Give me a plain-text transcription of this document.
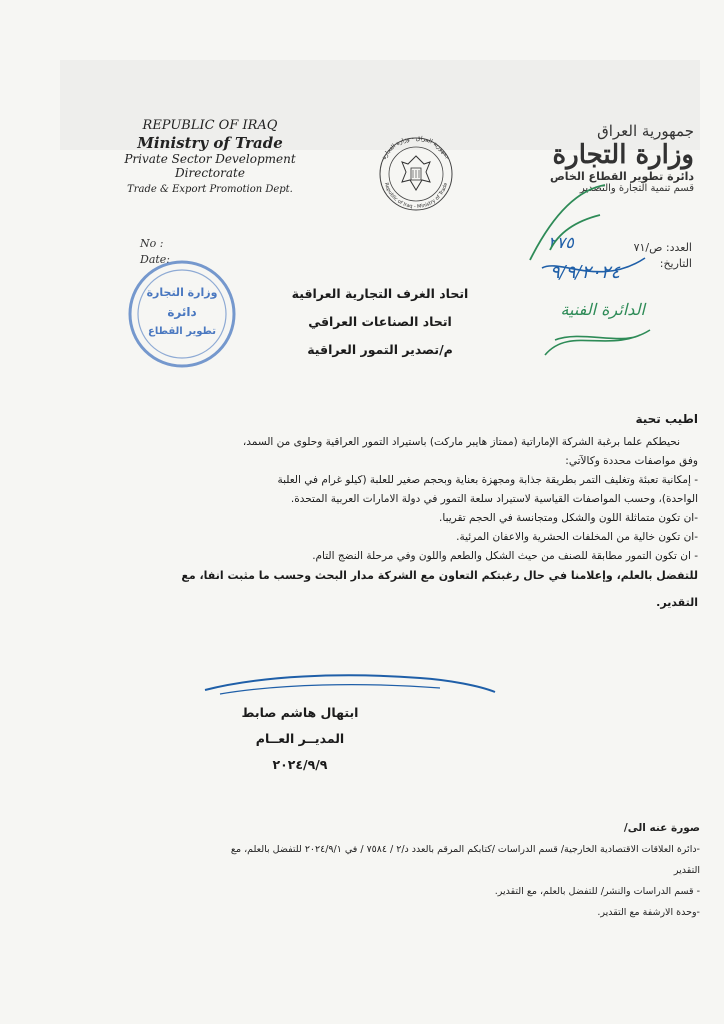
REPUBLIC OF IRAQ
Ministry of Trade
Private Sector Development
Directorate
Trade & Export Promotion Dept.
No :
Date:
جمهورية العراق - وزارة التجارة
Republic of Iraq - Ministry of Trade
جمهورية العراق
وزارة التجارة
دائرة تطوير القطاع الخاص
قسم تنمية التجارة والتصدير
العدد: ص/٧١
التاريخ:
وزارة التجارة
دائرة
تطوير القطاع
٢٧٥
٩/٩/٢٠٢٤
الدائرة الفنية
اتحاد الغرف التجارية العراقية
اتحاد الصناعات العراقي
م/تصدير التمور العراقية

اطيب تحية

نحيطكم علما برغبة الشركة الإماراتية (ممتاز هايبر ماركت) باستيراد التمور العراقية وحلوى من السمد،

وفق مواصفات محددة وكالآتي:

- إمكانية تعبئة وتغليف التمر بطريقة جذابة ومجهزة بعناية وبحجم صغير للعلبة (كيلو غرام في العلبة

الواحدة)، وحسب المواصفات القياسية لاستيراد سلعة التمور في دولة الامارات العربية المتحدة.

-ان تكون متماثلة اللون والشكل ومتجانسة في الحجم تقريبا.

-ان تكون خالية من المخلفات الحشرية والاعفان المرئية.

- ان تكون التمور مطابقة للصنف من حيث الشكل والطعم واللون وفي مرحلة النضج التام.

للتفضل بالعلم، وإعلامنا في حال رغبتكم التعاون مع الشركة مدار البحث وحسب ما مثبت انفا، مع

التقدير.

ابتهال هاشم صابط
المديــر العــام
٢٠٢٤/٩/٩

صورة عنه الى/

-دائرة العلاقات الاقتصادية الخارجية/ قسم الدراسات /كتابكم المرقم بالعدد د/٢ / ٧٥٨٤ / في ٢٠٢٤/٩/١ للتفضل بالعلم، مع

التقدير

- قسم الدراسات والنشر/ للتفضل بالعلم، مع التقدير.

-وحدة الارشفة مع التقدير.
